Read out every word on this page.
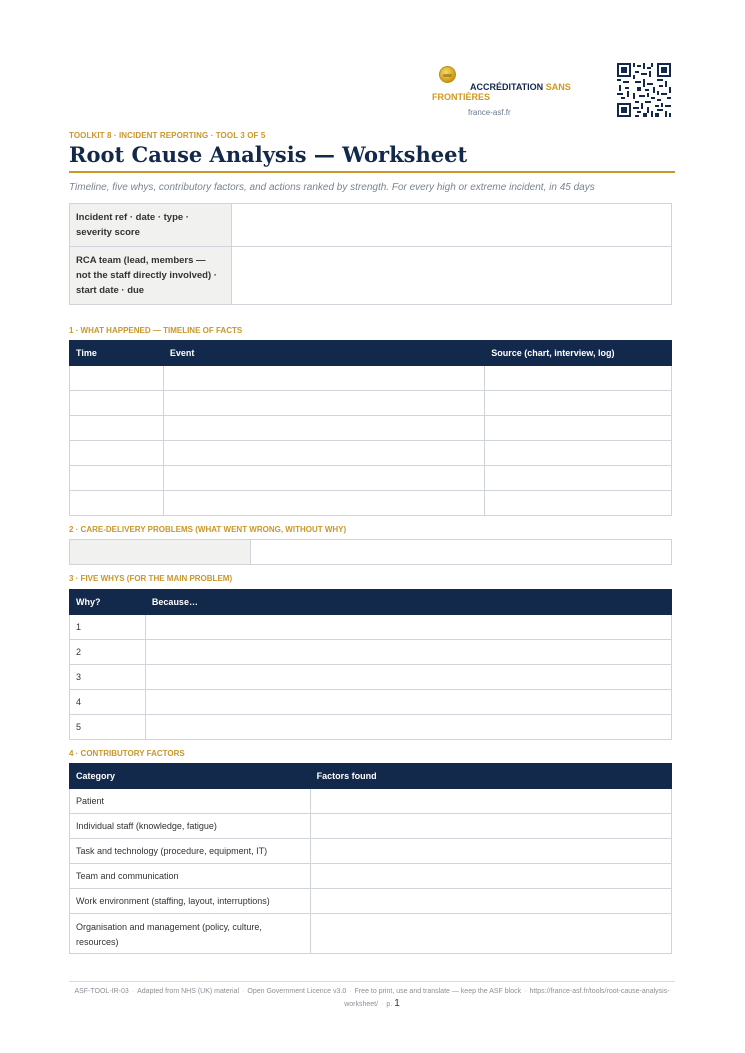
ACCRÉDITATION SANS
FRONTIÈRES
france-asf.fr
TOOLKIT 8 · INCIDENT REPORTING · TOOL 3 OF 5
Root Cause Analysis — Worksheet
Timeline, five whys, contributory factors, and actions ranked by strength. For every high or extreme incident, in 45 days
Incident ref · date · type ·
severity score	

RCA team (lead, members —
not the staff directly involved) ·
start date · due	

1 · WHAT HAPPENED — TIMELINE OF FACTS
Time	Event	Source (chart, interview, log)

2 · CARE-DELIVERY PROBLEMS (WHAT WENT WRONG, WITHOUT WHY)
3 · FIVE WHYS (FOR THE MAIN PROBLEM)
Why?	Because…
1	
2	
3	
4	
5	
4 · CONTRIBUTORY FACTORS
Category	Factors found
Patient	
Individual staff (knowledge, fatigue)	
Task and technology (procedure, equipment, IT)	
Team and communication	
Work environment (staffing, layout, interruptions)	
Organisation and management (policy, culture, resources)	
ASF-TOOL-IR-03 · Adapted from NHS (UK) material · Open Government Licence v3.0 · Free to print, use and translate — keep the ASF block · https://france-asf.fr/tools/root-cause-analysis-worksheet/ · p. 1
